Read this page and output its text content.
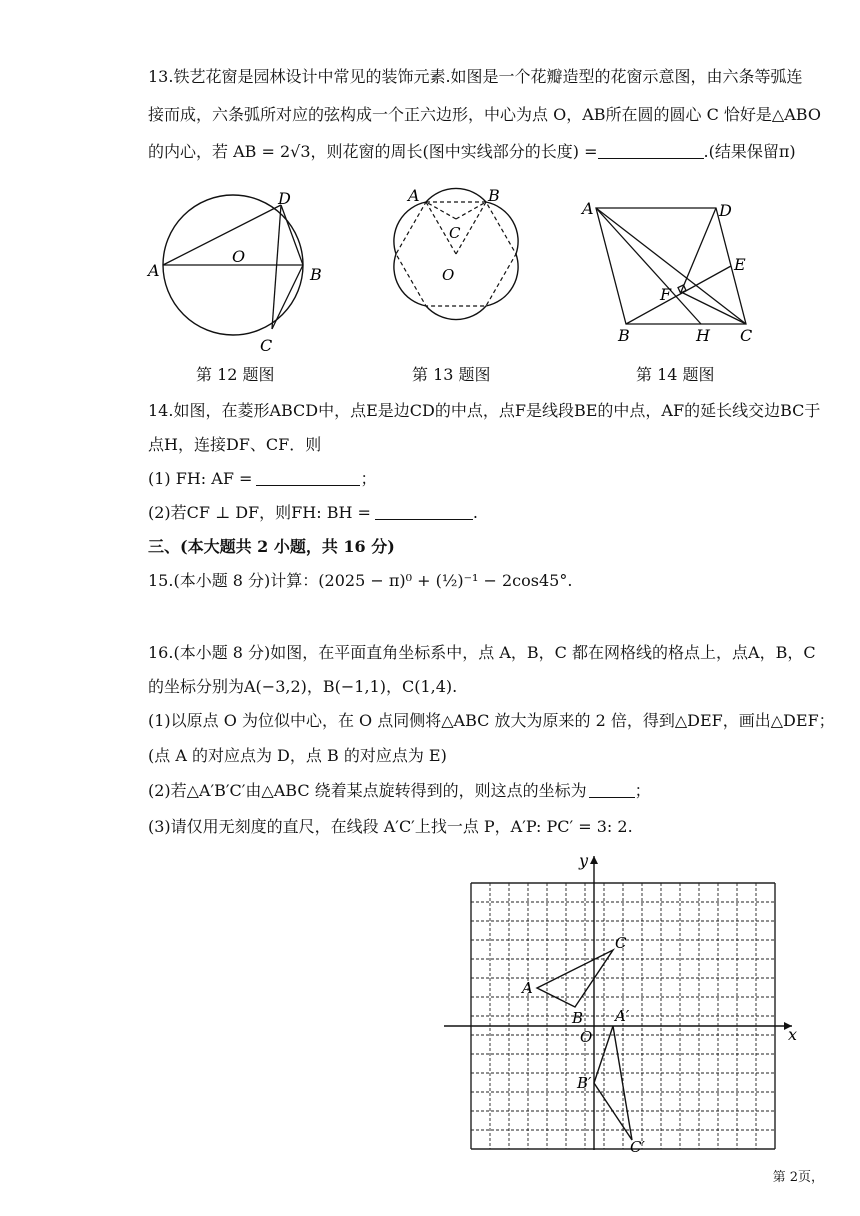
13.铁艺花窗是园林设计中常见的装饰元素.如图是一个花瓣造型的花窗示意图，由六条等弧连
接而成，六条弧所对应的弦构成一个正六边形，中心为点 O，AB所在圆的圆心 C 恰好是△ABO
的内心，若 AB = 2√3，则花窗的周长(图中实线部分的长度) =	.(结果保留π)
A	B
C
D
O
第 12 题图
A	B
C
O
第 13 题图
A	D
E
F
B	H C
第 14 题图
14.如图，在菱形ABCD中，点E是边CD的中点，点F是线段BE的中点，AF的延长线交边BC于
点H，连接DF、CF．则
(1) FH: AF =	；
(2)若CF ⊥ DF，则FH: BH =	.
三、(本大题共 2 小题，共 16 分)
15.(本小题 8 分)计算：(2025 − π)⁰ + (½)⁻¹ − 2cos45°.
16.(本小题 8 分)如图，在平面直角坐标系中，点 A，B，C 都在网格线的格点上，点A，B，C
的坐标分别为A(−3,2)，B(−1,1)，C(1,4).
(1)以原点 O 为位似中心，在 O 点同侧将△ABC 放大为原来的 2 倍，得到△DEF，画出△DEF；
(点 A 的对应点为 D，点 B 的对应点为 E)
(2)若△A′B′C′由△ABC 绕着某点旋转得到的，则这点的坐标为	；
(3)请仅用无刻度的直尺，在线段 A′C′上找一点 P，A′P: PC′ = 3: 2.
A
B
C
A′
B′
C′
O	x
y
第 2页，
